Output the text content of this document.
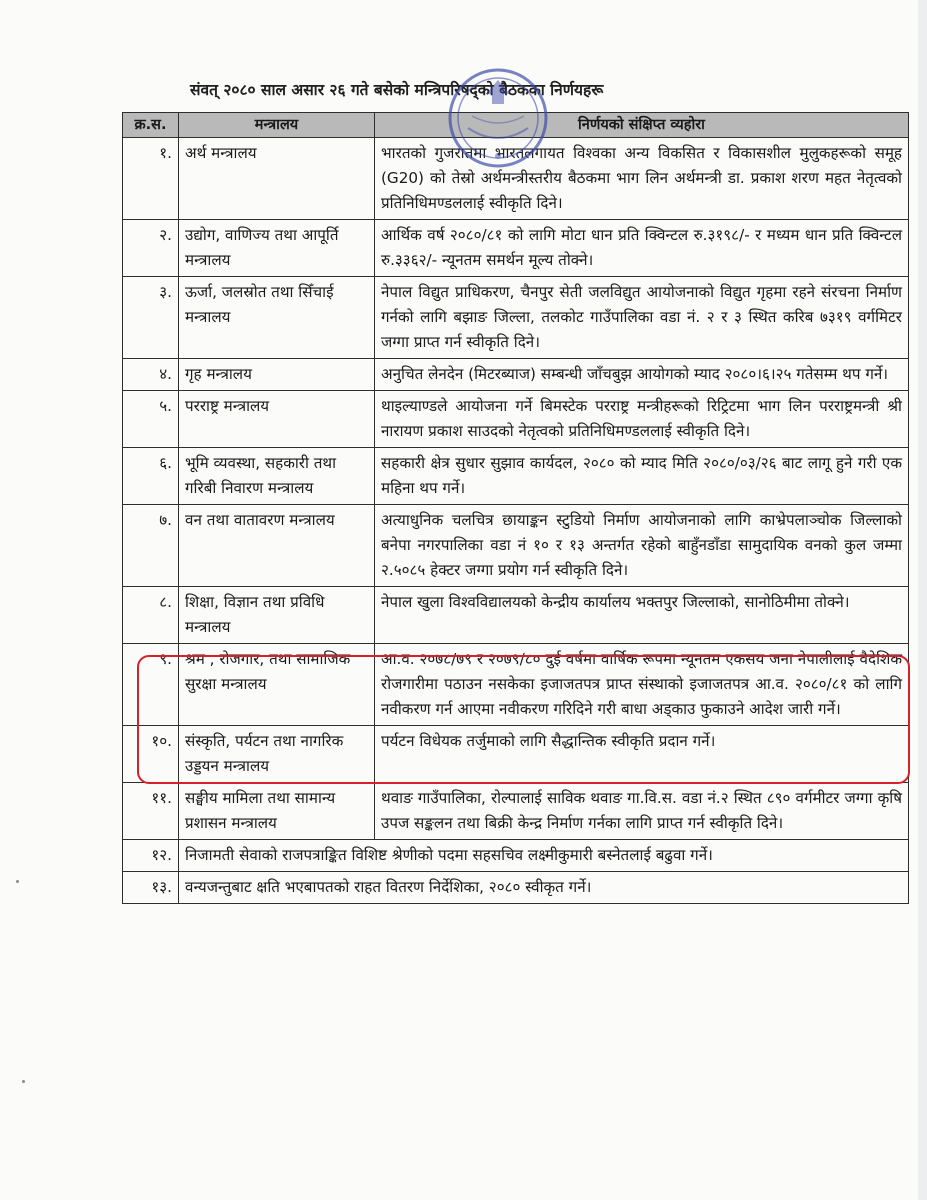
संवत् २०८० साल असार २६ गते बसेको मन्त्रिपरिषद्को बैठकका निर्णयहरू
क्र.स.	मन्त्रालय	निर्णयको संक्षिप्त व्यहोरा
१.	अर्थ मन्त्रालय	भारतको गुजरातमा भारतलगायत विश्वका अन्य विकसित र विकासशील मुलुकहरूको समूह (G20) को तेस्रो अर्थमन्त्रीस्तरीय बैठकमा भाग लिन अर्थमन्त्री डा. प्रकाश शरण महत नेतृत्वको प्रतिनिधिमण्डललाई स्वीकृति दिने।
२.	उद्योग, वाणिज्य तथा आपूर्ति मन्त्रालय	आर्थिक वर्ष २०८०/८१ को लागि मोटा धान प्रति क्विन्टल रु.३१९८/- र मध्यम धान प्रति क्विन्टल रु.३३६२/- न्यूनतम समर्थन मूल्य तोक्ने।
३.	ऊर्जा, जलस्रोत तथा सिँचाई मन्त्रालय	नेपाल विद्युत प्राधिकरण, चैनपुर सेती जलविद्युत आयोजनाको विद्युत गृहमा रहने संरचना निर्माण गर्नको लागि बझाङ जिल्ला, तलकोट गाउँपालिका वडा नं. २ र ३ स्थित करिब ७३१९ वर्गमिटर जग्गा प्राप्त गर्न स्वीकृति दिने।
४.	गृह मन्त्रालय	अनुचित लेनदेन (मिटरब्याज) सम्बन्धी जाँचबुझ आयोगको म्याद २०८०।६।२५ गतेसम्म थप गर्ने।
५.	परराष्ट्र मन्त्रालय	थाइल्याण्डले आयोजना गर्ने बिमस्टेक परराष्ट्र मन्त्रीहरूको रिट्रिटमा भाग लिन परराष्ट्रमन्त्री श्री नारायण प्रकाश साउदको नेतृत्वको प्रतिनिधिमण्डललाई स्वीकृति दिने।
६.	भूमि व्यवस्था, सहकारी तथा गरिबी निवारण मन्त्रालय	सहकारी क्षेत्र सुधार सुझाव कार्यदल, २०८० को म्याद मिति २०८०/०३/२६ बाट लागू हुने गरी एक महिना थप गर्ने।
७.	वन तथा वातावरण मन्त्रालय	अत्याधुनिक चलचित्र छायाङ्कन स्टुडियो निर्माण आयोजनाको लागि काभ्रेपलाञ्चोक जिल्लाको बनेपा नगरपालिका वडा नं १० र १३ अन्तर्गत रहेको बाहुँनडाँडा सामुदायिक वनको कुल जम्मा २.५०८५ हेक्टर जग्गा प्रयोग गर्न स्वीकृति दिने।
८.	शिक्षा, विज्ञान तथा प्रविधि मन्त्रालय	नेपाल खुला विश्वविद्यालयको केन्द्रीय कार्यालय भक्तपुर जिल्लाको, सानोठिमीमा तोक्ने।
९.	श्रम , रोजगार, तथा सामाजिक सुरक्षा मन्त्रालय	आ.व. २०७८/७९ र २०७९/८० दुई वर्षमा वार्षिक रूपमा न्यूनतम एकसय जना नेपालीलाई वैदेशिक रोजगारीमा पठाउन नसकेका इजाजतपत्र प्राप्त संस्थाको इजाजतपत्र आ.व. २०८०/८१ को लागि नवीकरण गर्न आएमा नवीकरण गरिदिने गरी बाधा अड्काउ फुकाउने आदेश जारी गर्ने।
१०.	संस्कृति, पर्यटन तथा नागरिक उड्डयन मन्त्रालय	पर्यटन विधेयक तर्जुमाको लागि सैद्धान्तिक स्वीकृति प्रदान गर्ने।
११.	सङ्घीय मामिला तथा सामान्य प्रशासन मन्त्रालय	थवाङ गाउँपालिका, रोल्पालाई साविक थवाङ गा.वि.स. वडा नं.२ स्थित ८९० वर्गमीटर जग्गा कृषि उपज सङ्कलन तथा बिक्री केन्द्र निर्माण गर्नका लागि प्राप्त गर्न स्वीकृति दिने।
१२.	निजामती सेवाको राजपत्राङ्कित विशिष्ट श्रेणीको पदमा सहसचिव लक्ष्मीकुमारी बस्नेतलाई बढुवा गर्ने।	
१३.	वन्यजन्तुबाट क्षति भएबापतको राहत वितरण निर्देशिका, २०८० स्वीकृत गर्ने।	
